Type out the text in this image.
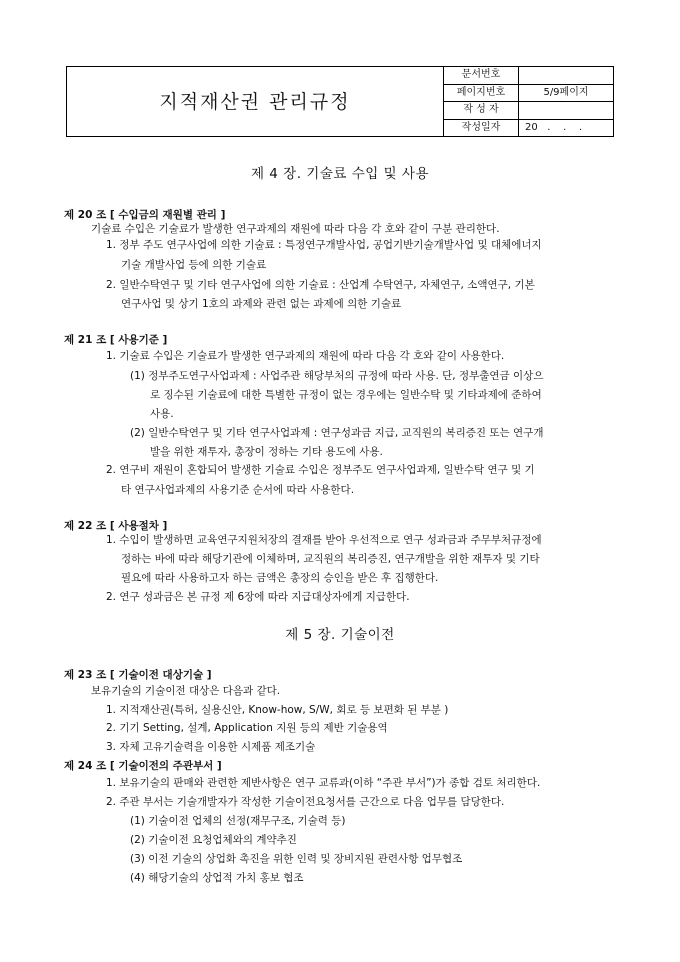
지적재산권 관리규정	문서번호	
	페이지번호	5/9페이지
	작 성 자	
	작성일자	20   .    .    .
제 4 장. 기술료 수입 및 사용
제 20 조 [ 수입금의 재원별 관리 ]
기술료 수입은 기술료가 발생한 연구과제의 재원에 따라 다음 각 호와 같이 구분 관리한다.
1. 정부 주도 연구사업에 의한 기술료 : 특정연구개발사업, 공업기반기술개발사업 및 대체에너지
기술 개발사업 등에 의한 기술료
2. 일반수탁연구 및 기타 연구사업에 의한 기술료 : 산업계 수탁연구, 자체연구, 소액연구, 기본
연구사업 및 상기 1호의 과제와 관련 없는 과제에 의한 기술료
제 21 조 [ 사용기준 ]
1. 기술료 수입은 기술료가 발생한 연구과제의 재원에 따라 다음 각 호와 같이 사용한다.
(1) 정부주도연구사업과제 : 사업주관 해당부처의 규정에 따라 사용. 단, 정부출연금 이상으
로 징수된 기술료에 대한 특별한 규정이 없는 경우에는 일반수탁 및 기타과제에 준하여
사용.
(2) 일반수탁연구 및 기타 연구사업과제 : 연구성과금 지급, 교직원의 복리증진 또는 연구개
발을 위한 재투자, 총장이 정하는 기타 용도에 사용.
2. 연구비 재원이 혼합되어 발생한 기술료 수입은 정부주도 연구사업과제, 일반수탁 연구 및 기
타 연구사업과제의 사용기준 순서에 따라 사용한다.
제 22 조 [ 사용절차 ]
1. 수입이 발생하면 교육연구지원처장의 결재를 받아 우선적으로 연구 성과금과 주무부처규정에
정하는 바에 따라 해당기관에 이체하며, 교직원의 복리증진, 연구개발을 위한 재투자 및 기타
필요에 따라 사용하고자 하는 금액은 총장의 승인을 받은 후 집행한다.
2. 연구 성과금은 본 규정 제 6장에 따라 지급대상자에게 지급한다.
제 5 장. 기술이전
제 23 조 [ 기술이전 대상기술 ]
보유기술의 기술이전 대상은 다음과 같다.
1. 지적재산권(특허, 실용신안, Know-how, S/W, 회로 등 보편화 된 부분 )
2. 기기 Setting, 설계, Application 지원 등의 제반 기술용역
3. 자체 고유기술력을 이용한 시제품 제조기술
제 24 조 [ 기술이전의 주관부서 ]
1. 보유기술의 판매와 관련한 제반사항은 연구 교류과(이하 “주관 부서”)가 종합 검토 처리한다.
2. 주관 부서는 기술개발자가 작성한 기술이전요청서를 근간으로 다음 업무를 담당한다.
(1) 기술이전 업체의 선정(재무구조, 기술력 등)
(2) 기술이전 요청업체와의 계약추진
(3) 이전 기술의 상업화 촉진을 위한 인력 및 장비지원 관련사항 업무협조
(4) 해당기술의 상업적 가치 홍보 협조
